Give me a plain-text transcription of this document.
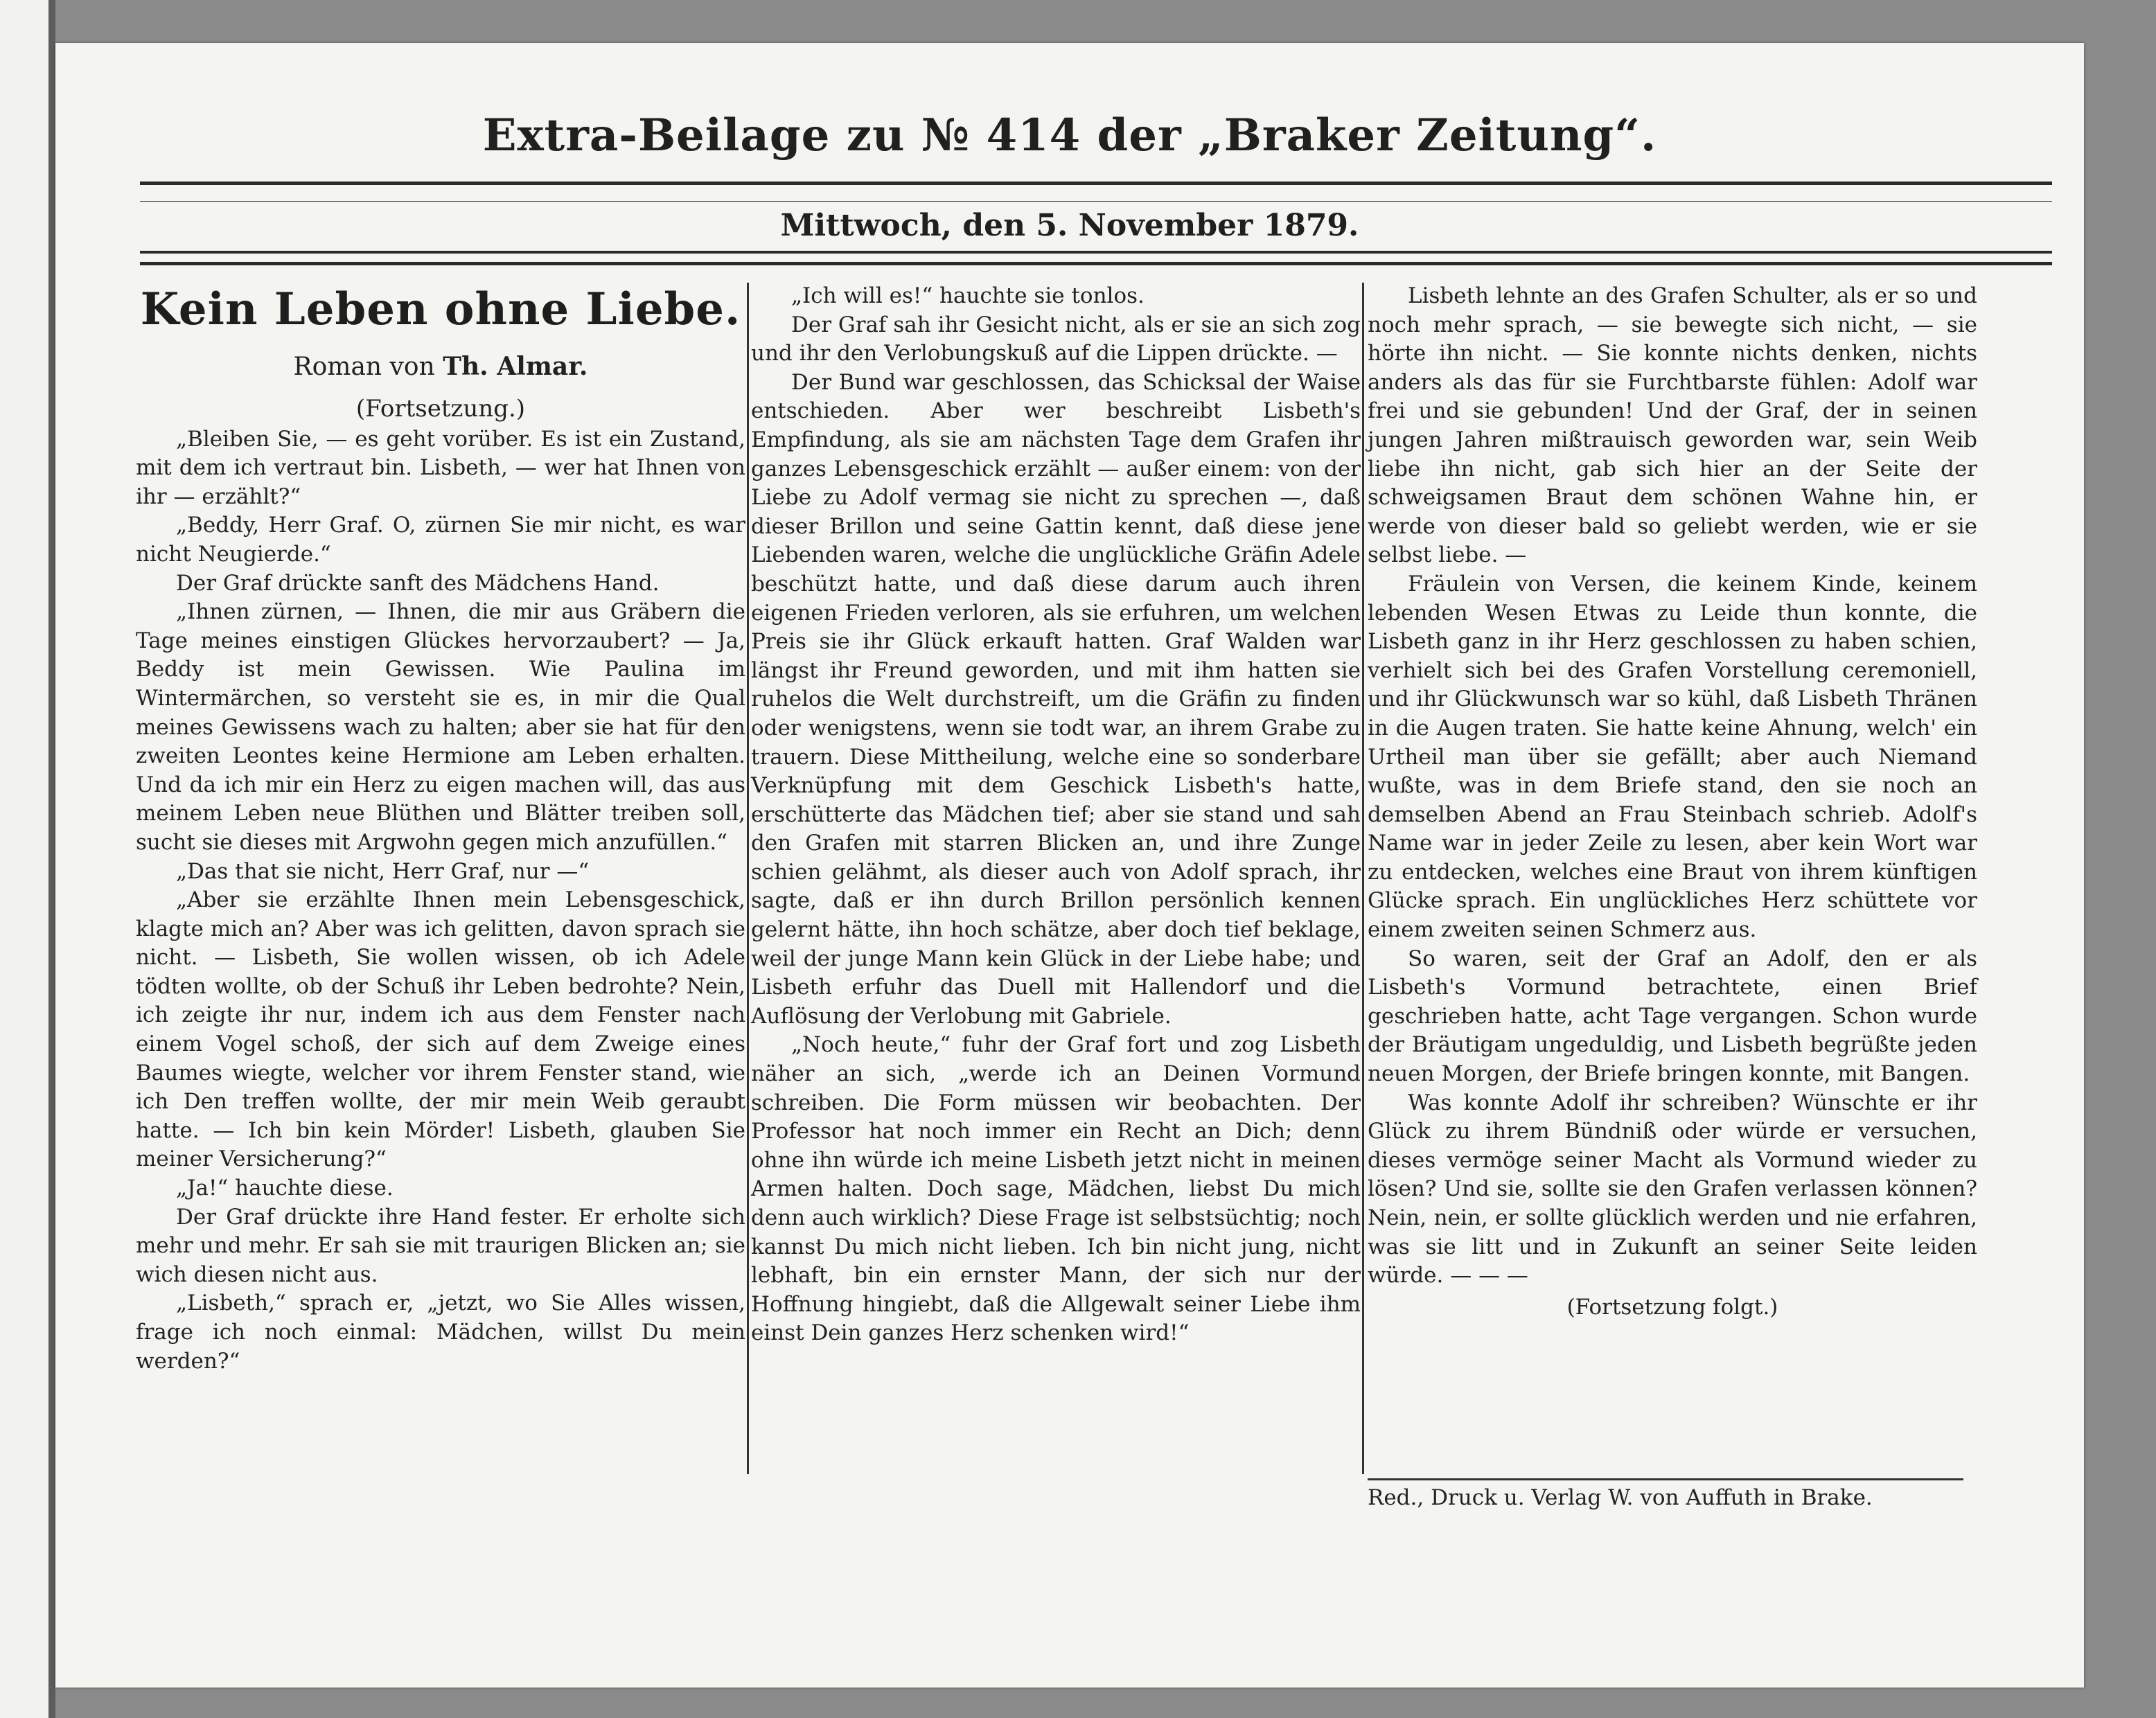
Extra-Beilage zu № 414 der „Braker Zeitung“.

Mittwoch, den 5. November 1879.

Kein Leben ohne Liebe.
Roman von Th. Almar.

(Fortsetzung.)

„Bleiben Sie, — es geht vorüber. Es ist ein Zustand, mit dem ich vertraut bin. Lisbeth, — wer hat Ihnen von ihr — erzählt?“

„Beddy, Herr Graf. O, zürnen Sie mir nicht, es war nicht Neugierde.“

Der Graf drückte sanft des Mädchens Hand.

„Ihnen zürnen, — Ihnen, die mir aus Gräbern die Tage meines einstigen Glückes hervorzaubert? — Ja, Beddy ist mein Gewissen. Wie Paulina im Wintermärchen, so versteht sie es, in mir die Qual meines Gewissens wach zu halten; aber sie hat für den zweiten Leontes keine Hermione am Leben erhalten. Und da ich mir ein Herz zu eigen machen will, das aus meinem Leben neue Blüthen und Blätter treiben soll, sucht sie dieses mit Argwohn gegen mich anzufüllen.“

„Das that sie nicht, Herr Graf, nur —“

„Aber sie erzählte Ihnen mein Lebensgeschick, klagte mich an? Aber was ich gelitten, davon sprach sie nicht. — Lisbeth, Sie wollen wissen, ob ich Adele tödten wollte, ob der Schuß ihr Leben bedrohte? Nein, ich zeigte ihr nur, indem ich aus dem Fenster nach einem Vogel schoß, der sich auf dem Zweige eines Baumes wiegte, welcher vor ihrem Fenster stand, wie ich Den treffen wollte, der mir mein Weib geraubt hatte. — Ich bin kein Mörder! Lisbeth, glauben Sie meiner Versicherung?“

„Ja!“ hauchte diese.

Der Graf drückte ihre Hand fester. Er erholte sich mehr und mehr. Er sah sie mit traurigen Blicken an; sie wich diesen nicht aus.

„Lisbeth,“ sprach er, „jetzt, wo Sie Alles wissen, frage ich noch einmal: Mädchen, willst Du mein werden?“

„Ich will es!“ hauchte sie tonlos.

Der Graf sah ihr Gesicht nicht, als er sie an sich zog und ihr den Verlobungskuß auf die Lippen drückte. —

Der Bund war geschlossen, das Schicksal der Waise entschieden. Aber wer beschreibt Lisbeth's Empfindung, als sie am nächsten Tage dem Grafen ihr ganzes Lebensgeschick erzählt — außer einem: von der Liebe zu Adolf vermag sie nicht zu sprechen —, daß dieser Brillon und seine Gattin kennt, daß diese jene Liebenden waren, welche die unglückliche Gräfin Adele beschützt hatte, und daß diese darum auch ihren eigenen Frieden verloren, als sie erfuhren, um welchen Preis sie ihr Glück erkauft hatten. Graf Walden war längst ihr Freund geworden, und mit ihm hatten sie ruhelos die Welt durchstreift, um die Gräfin zu finden oder wenigstens, wenn sie todt war, an ihrem Grabe zu trauern. Diese Mittheilung, welche eine so sonderbare Verknüpfung mit dem Geschick Lisbeth's hatte, erschütterte das Mädchen tief; aber sie stand und sah den Grafen mit starren Blicken an, und ihre Zunge schien gelähmt, als dieser auch von Adolf sprach, ihr sagte, daß er ihn durch Brillon persönlich kennen gelernt hätte, ihn hoch schätze, aber doch tief beklage, weil der junge Mann kein Glück in der Liebe habe; und Lisbeth erfuhr das Duell mit Hallendorf und die Auflösung der Verlobung mit Gabriele.

„Noch heute,“ fuhr der Graf fort und zog Lisbeth näher an sich, „werde ich an Deinen Vormund schreiben. Die Form müssen wir beobachten. Der Professor hat noch immer ein Recht an Dich; denn ohne ihn würde ich meine Lisbeth jetzt nicht in meinen Armen halten. Doch sage, Mädchen, liebst Du mich denn auch wirklich? Diese Frage ist selbstsüchtig; noch kannst Du mich nicht lieben. Ich bin nicht jung, nicht lebhaft, bin ein ernster Mann, der sich nur der Hoffnung hingiebt, daß die Allgewalt seiner Liebe ihm einst Dein ganzes Herz schenken wird!“

Lisbeth lehnte an des Grafen Schulter, als er so und noch mehr sprach, — sie bewegte sich nicht, — sie hörte ihn nicht. — Sie konnte nichts denken, nichts anders als das für sie Furchtbarste fühlen: Adolf war frei und sie gebunden! Und der Graf, der in seinen jungen Jahren mißtrauisch geworden war, sein Weib liebe ihn nicht, gab sich hier an der Seite der schweigsamen Braut dem schönen Wahne hin, er werde von dieser bald so geliebt werden, wie er sie selbst liebe. —

Fräulein von Versen, die keinem Kinde, keinem lebenden Wesen Etwas zu Leide thun konnte, die Lisbeth ganz in ihr Herz geschlossen zu haben schien, verhielt sich bei des Grafen Vorstellung ceremoniell, und ihr Glückwunsch war so kühl, daß Lisbeth Thränen in die Augen traten. Sie hatte keine Ahnung, welch' ein Urtheil man über sie gefällt; aber auch Niemand wußte, was in dem Briefe stand, den sie noch an demselben Abend an Frau Steinbach schrieb. Adolf's Name war in jeder Zeile zu lesen, aber kein Wort war zu entdecken, welches eine Braut von ihrem künftigen Glücke sprach. Ein unglückliches Herz schüttete vor einem zweiten seinen Schmerz aus.

So waren, seit der Graf an Adolf, den er als Lisbeth's Vormund betrachtete, einen Brief geschrieben hatte, acht Tage vergangen. Schon wurde der Bräutigam ungeduldig, und Lisbeth begrüßte jeden neuen Morgen, der Briefe bringen konnte, mit Bangen.

Was konnte Adolf ihr schreiben? Wünschte er ihr Glück zu ihrem Bündniß oder würde er versuchen, dieses vermöge seiner Macht als Vormund wieder zu lösen? Und sie, sollte sie den Grafen verlassen können? Nein, nein, er sollte glücklich werden und nie erfahren, was sie litt und in Zukunft an seiner Seite leiden würde. — — —

(Fortsetzung folgt.)

Red., Druck u. Verlag W. von Auffuth in Brake.
